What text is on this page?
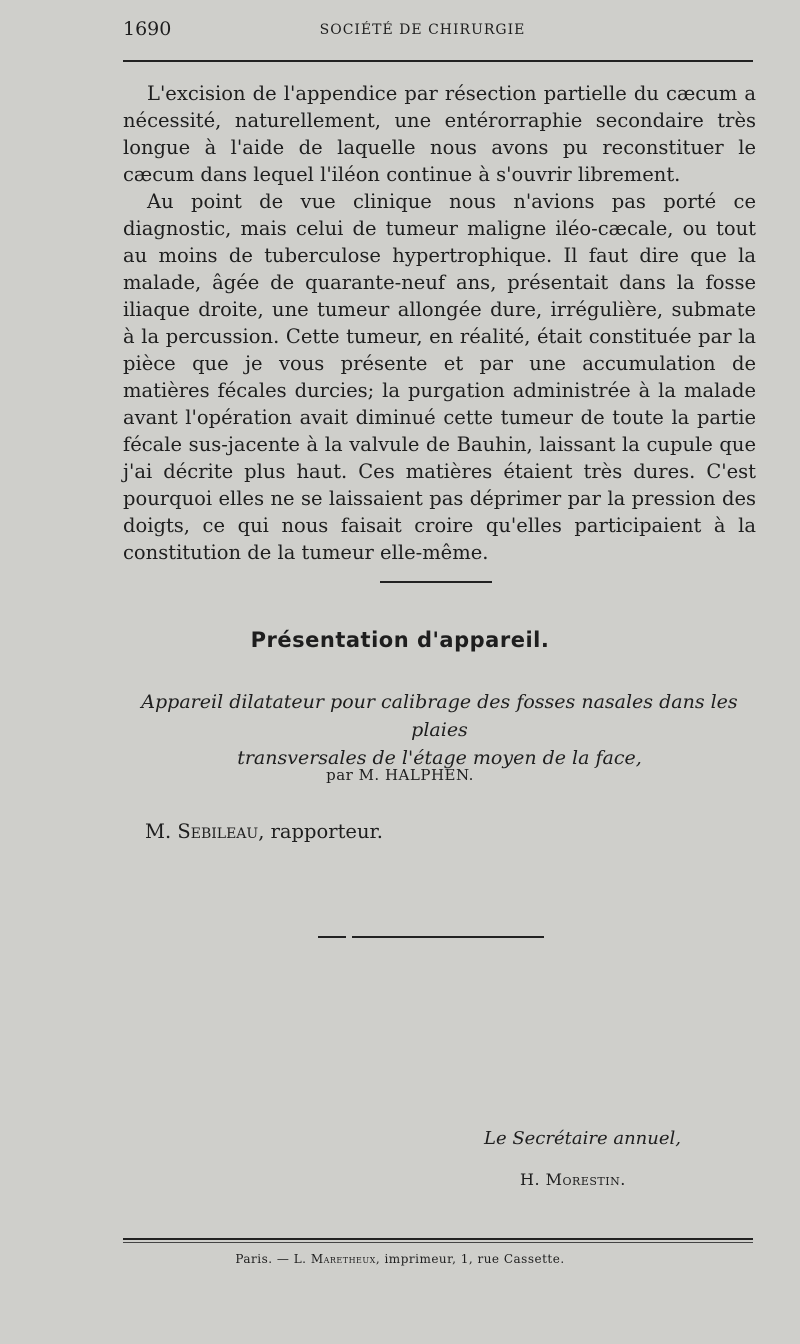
1690	SOCIÉTÉ DE CHIRURGIE

L'excision de l'appendice par résection partielle du cæcum a nécessité, naturellement, une entérorraphie secondaire très longue à l'aide de laquelle nous avons pu reconstituer le cæcum dans lequel l'iléon continue à s'ouvrir librement.

Au point de vue clinique nous n'avions pas porté ce diagnostic, mais celui de tumeur maligne iléo-cæcale, ou tout au moins de tuberculose hypertrophique. Il faut dire que la malade, âgée de quarante-neuf ans, présentait dans la fosse iliaque droite, une tumeur allongée dure, irrégulière, submate à la percussion. Cette tumeur, en réalité, était constituée par la pièce que je vous présente et par une accumulation de matières fécales durcies; la purgation administrée à la malade avant l'opération avait diminué cette tumeur de toute la partie fécale sus-jacente à la valvule de Bauhin, laissant la cupule que j'ai décrite plus haut. Ces matières étaient très dures. C'est pourquoi elles ne se laissaient pas déprimer par la pression des doigts, ce qui nous faisait croire qu'elles participaient à la constitution de la tumeur elle-même.

Présentation d'appareil.
Appareil dilatateur pour calibrage des fosses nasales dans les plaies
transversales de l'étage moyen de la face,
par M. HALPHEN.
M. Sebileau, rapporteur.
Le Secrétaire annuel,
H. Morestin.
Paris. — L. Maretheux, imprimeur, 1, rue Cassette.
